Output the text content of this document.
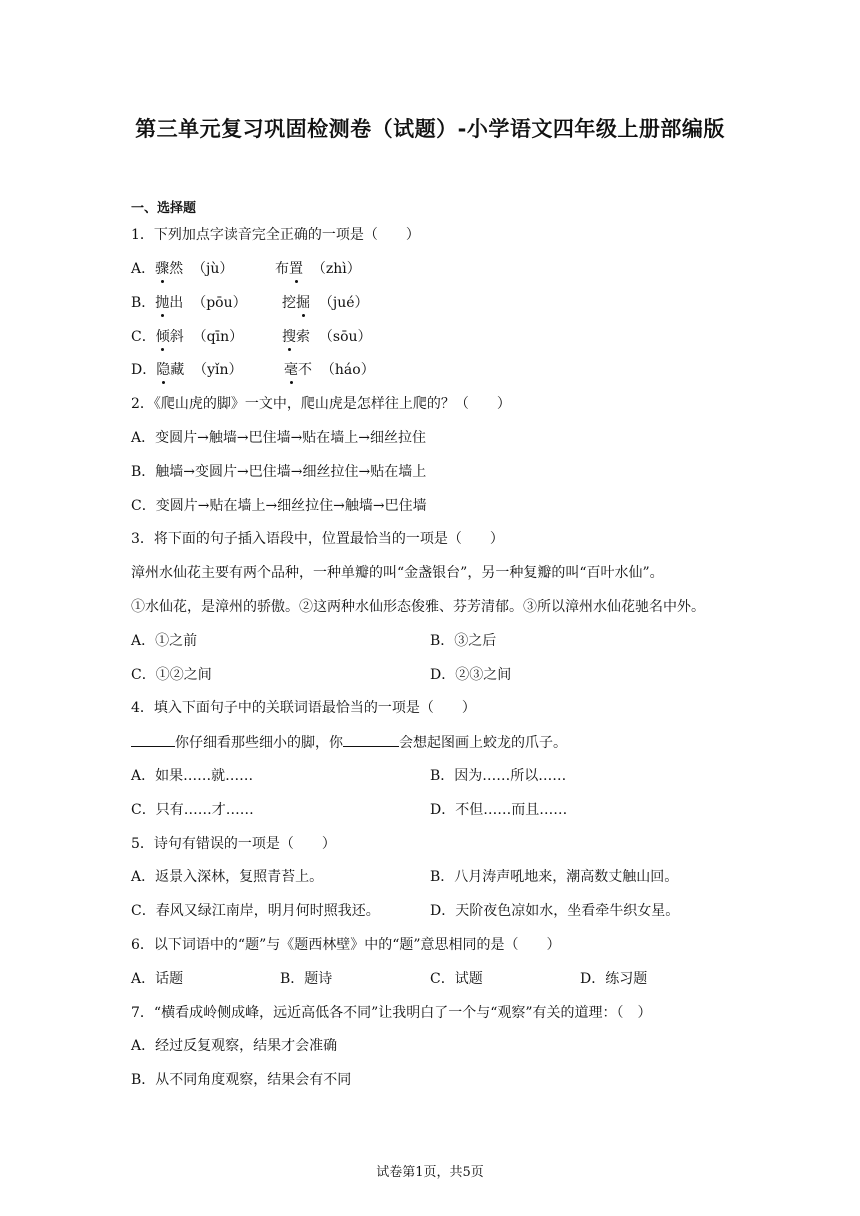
第三单元复习巩固检测卷（试题）-小学语文四年级上册部编版
一、选择题
1．下列加点字读音完全正确的一项是（　　）
A．骤然 （jù）	布置 （zhì）
B．抛出 （pōu）	挖掘 （jué）
C．倾斜 （qīn）	搜索 （sōu）
D．隐藏 （yǐn）	毫不 （háo）
2．《爬山虎的脚》一文中，爬山虎是怎样往上爬的？（　　）
A．变圆片→触墙→巴住墙→贴在墙上→细丝拉住
B．触墙→变圆片→巴住墙→细丝拉住→贴在墙上
C．变圆片→贴在墙上→细丝拉住→触墙→巴住墙
3．将下面的句子插入语段中，位置最恰当的一项是（　　）
漳州水仙花主要有两个品种，一种单瓣的叫“金盏银台”，另一种复瓣的叫“百叶水仙”。
①水仙花，是漳州的骄傲。②这两种水仙形态俊雅、芬芳清郁。③所以漳州水仙花驰名中外。
A．①之前	B．③之后
C．①②之间	D．②③之间
4．填入下面句子中的关联词语最恰当的一项是（　　）
你仔细看那些细小的脚，你	会想起图画上蛟龙的爪子。
A．如果……就……	B．因为……所以……
C．只有……才……	D．不但……而且……
5．诗句有错误的一项是（　　）
A．返景入深林，复照青苔上。	B．八月涛声吼地来，潮高数丈触山回。
C．春风又绿江南岸，明月何时照我还。	D．天阶夜色凉如水，坐看牵牛织女星。
6．以下词语中的“题”与《题西林壁》中的“题”意思相同的是（　　）
A．话题	B．题诗	C．试题	D．练习题
7．“横看成岭侧成峰，远近高低各不同”让我明白了一个与“观察”有关的道理：（　）
A．经过反复观察，结果才会准确
B．从不同角度观察，结果会有不同
试卷第1页，共5页
